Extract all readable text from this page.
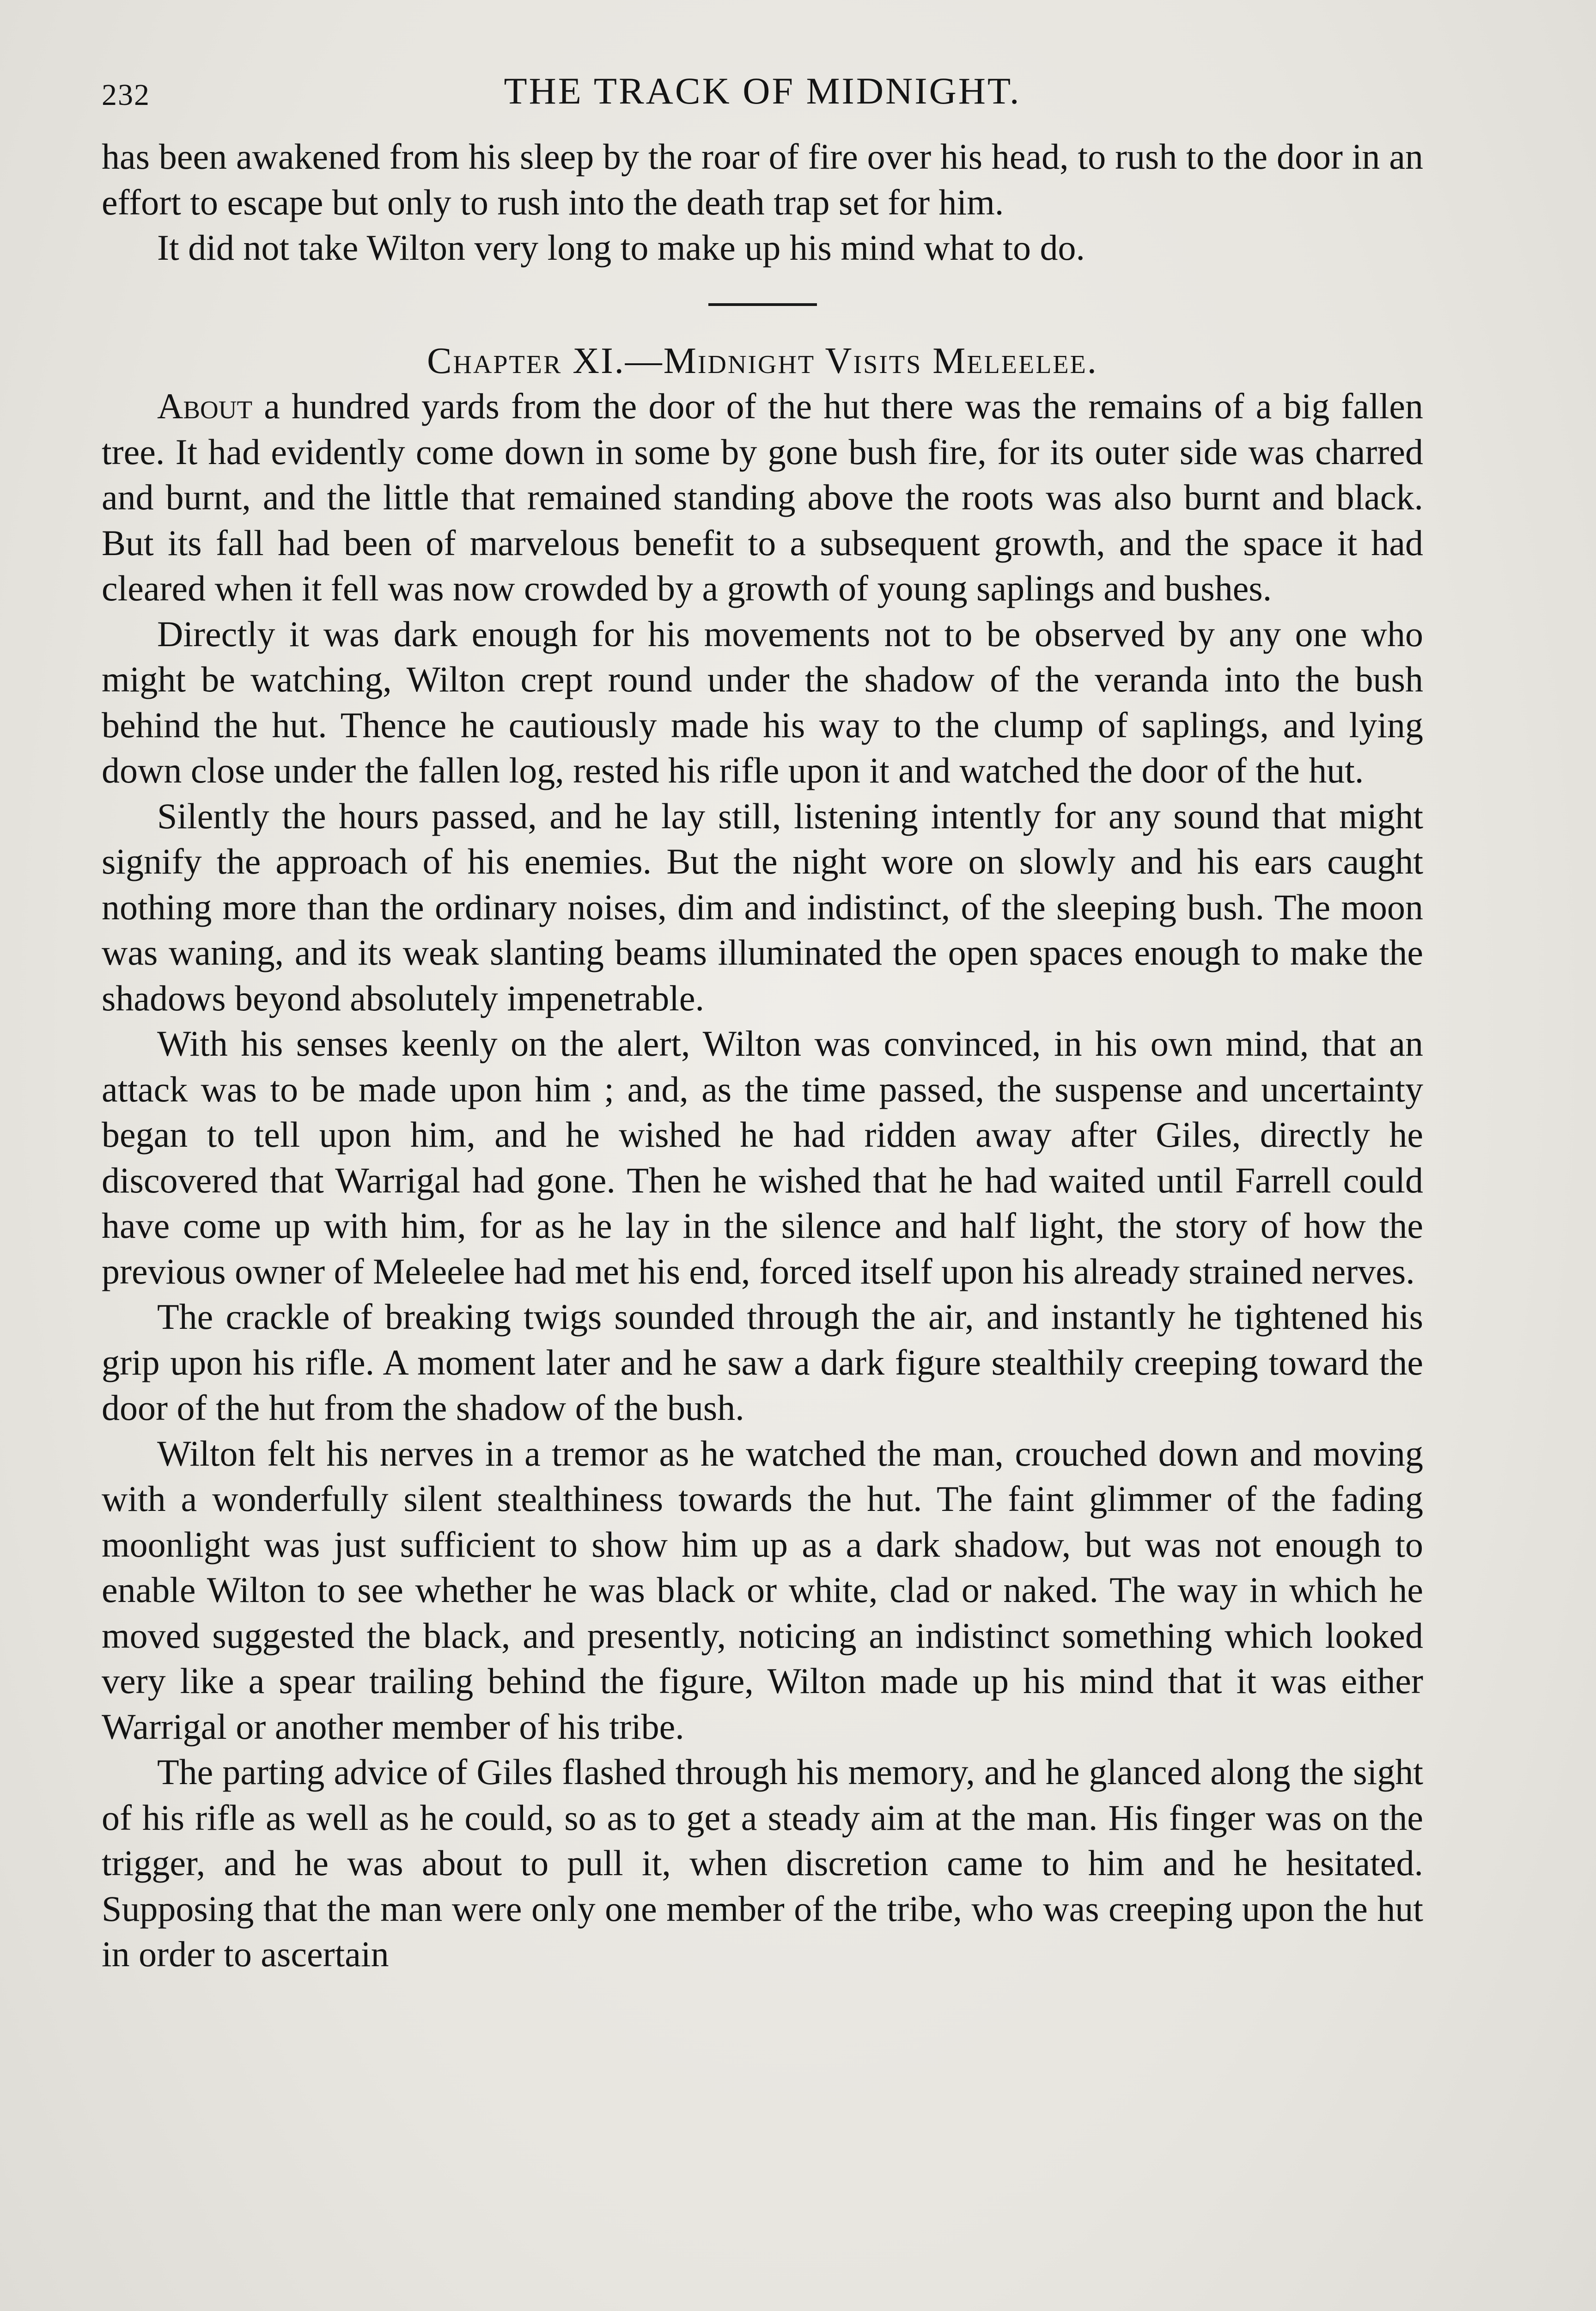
232	THE TRACK OF MIDNIGHT.

has been awakened from his sleep by the roar of fire over his head, to rush to the door in an effort to escape but only to rush into the death trap set for him.

It did not take Wilton very long to make up his mind what to do.

Chapter XI.—Midnight Visits Meleelee.

About a hundred yards from the door of the hut there was the remains of a big fallen tree. It had evidently come down in some by gone bush fire, for its outer side was charred and burnt, and the little that remained standing above the roots was also burnt and black. But its fall had been of marvelous benefit to a subsequent growth, and the space it had cleared when it fell was now crowded by a growth of young saplings and bushes.

Directly it was dark enough for his movements not to be observed by any one who might be watching, Wilton crept round under the shadow of the veranda into the bush behind the hut. Thence he cautiously made his way to the clump of saplings, and lying down close under the fallen log, rested his rifle upon it and watched the door of the hut.

Silently the hours passed, and he lay still, listening intently for any sound that might signify the approach of his enemies. But the night wore on slowly and his ears caught nothing more than the ordinary noises, dim and indistinct, of the sleeping bush. The moon was waning, and its weak slanting beams illuminated the open spaces enough to make the shadows beyond absolutely impenetrable.

With his senses keenly on the alert, Wilton was convinced, in his own mind, that an attack was to be made upon him ; and, as the time passed, the suspense and uncertainty began to tell upon him, and he wished he had ridden away after Giles, directly he discovered that Warrigal had gone. Then he wished that he had waited until Farrell could have come up with him, for as he lay in the silence and half light, the story of how the previous owner of Meleelee had met his end, forced itself upon his already strained nerves.

The crackle of breaking twigs sounded through the air, and instantly he tightened his grip upon his rifle. A moment later and he saw a dark figure stealthily creeping toward the door of the hut from the shadow of the bush.

Wilton felt his nerves in a tremor as he watched the man, crouched down and moving with a wonderfully silent stealthiness towards the hut. The faint glimmer of the fading moonlight was just sufficient to show him up as a dark shadow, but was not enough to enable Wilton to see whether he was black or white, clad or naked. The way in which he moved suggested the black, and presently, noticing an indistinct something which looked very like a spear trailing behind the figure, Wilton made up his mind that it was either Warrigal or another member of his tribe.

The parting advice of Giles flashed through his memory, and he glanced along the sight of his rifle as well as he could, so as to get a steady aim at the man. His finger was on the trigger, and he was about to pull it, when discretion came to him and he hesitated. Supposing that the man were only one member of the tribe, who was creeping upon the hut in order to ascertain
